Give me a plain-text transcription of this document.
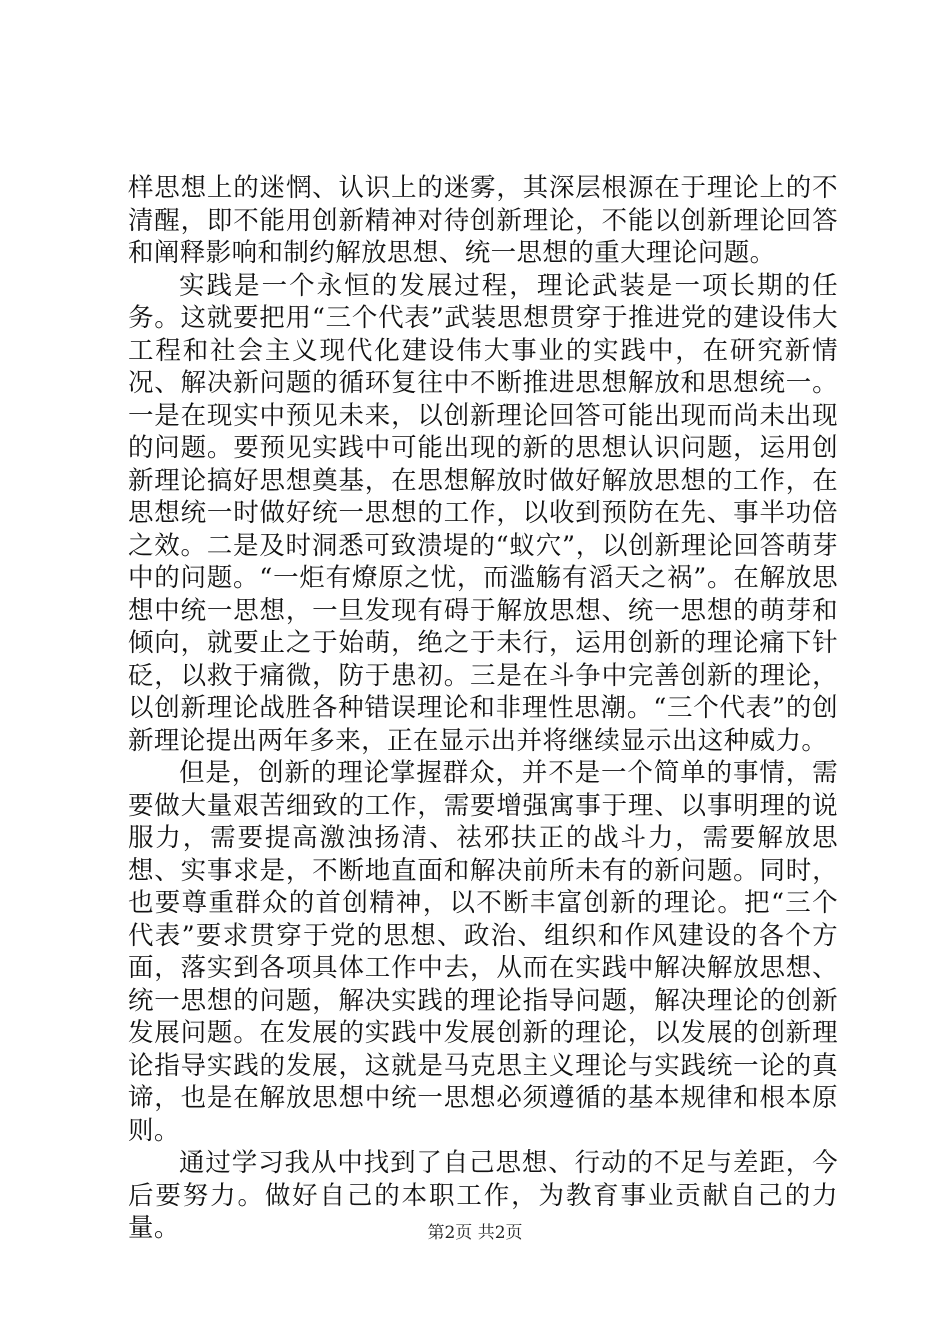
样思想上的迷惘、认识上的迷雾，其深层根源在于理论上的不清醒，即不能用创新精神对待创新理论，不能以创新理论回答和阐释影响和制约解放思想、统一思想的重大理论问题。

实践是一个永恒的发展过程，理论武装是一项长期的任务。这就要把用“三个代表”武装思想贯穿于推进党的建设伟大工程和社会主义现代化建设伟大事业的实践中，在研究新情况、解决新问题的循环复往中不断推进思想解放和思想统一。一是在现实中预见未来，以创新理论回答可能出现而尚未出现的问题。要预见实践中可能出现的新的思想认识问题，运用创新理论搞好思想奠基，在思想解放时做好解放思想的工作，在思想统一时做好统一思想的工作，以收到预防在先、事半功倍之效。二是及时洞悉可致溃堤的“蚁穴”，以创新理论回答萌芽中的问题。“一炬有燎原之忧，而滥觞有滔天之祸”。在解放思想中统一思想，一旦发现有碍于解放思想、统一思想的萌芽和倾向，就要止之于始萌，绝之于未行，运用创新的理论痛下针砭，以救于痛微，防于患初。三是在斗争中完善创新的理论，以创新理论战胜各种错误理论和非理性思潮。“三个代表”的创新理论提出两年多来，正在显示出并将继续显示出这种威力。

但是，创新的理论掌握群众，并不是一个简单的事情，需要做大量艰苦细致的工作，需要增强寓事于理、以事明理的说服力，需要提高激浊扬清、祛邪扶正的战斗力，需要解放思想、实事求是，不断地直面和解决前所未有的新问题。同时，也要尊重群众的首创精神，以不断丰富创新的理论。把“三个代表”要求贯穿于党的思想、政治、组织和作风建设的各个方面，落实到各项具体工作中去，从而在实践中解决解放思想、统一思想的问题，解决实践的理论指导问题，解决理论的创新发展问题。在发展的实践中发展创新的理论，以发展的创新理论指导实践的发展，这就是马克思主义理论与实践统一论的真谛，也是在解放思想中统一思想必须遵循的基本规律和根本原则。

通过学习我从中找到了自己思想、行动的不足与差距，今后要努力。做好自己的本职工作，为教育事业贡献自己的力量。	第2页 共2页
